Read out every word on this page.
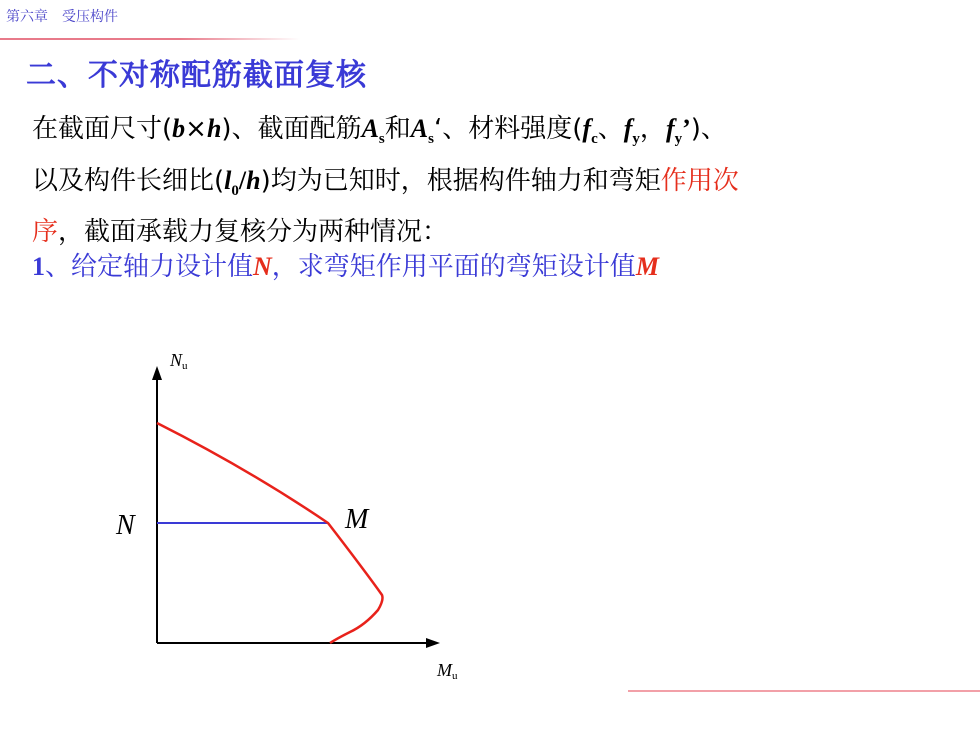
第六章　受压构件
二、不对称配筋截面复核
在截面尺寸(b×h)、截面配筋$A_s$和$A_s‘$、材料强度($f_c$、$f_y$，$f_y$’)、
以及构件长细比$(l_0/h)$均为已知时，根据构件轴力和弯矩作用次
序，截面承载力复核分为两种情况：
1、给定轴力设计值N，求弯矩作用平面的弯矩设计值M
Nu
Mu
N	M
